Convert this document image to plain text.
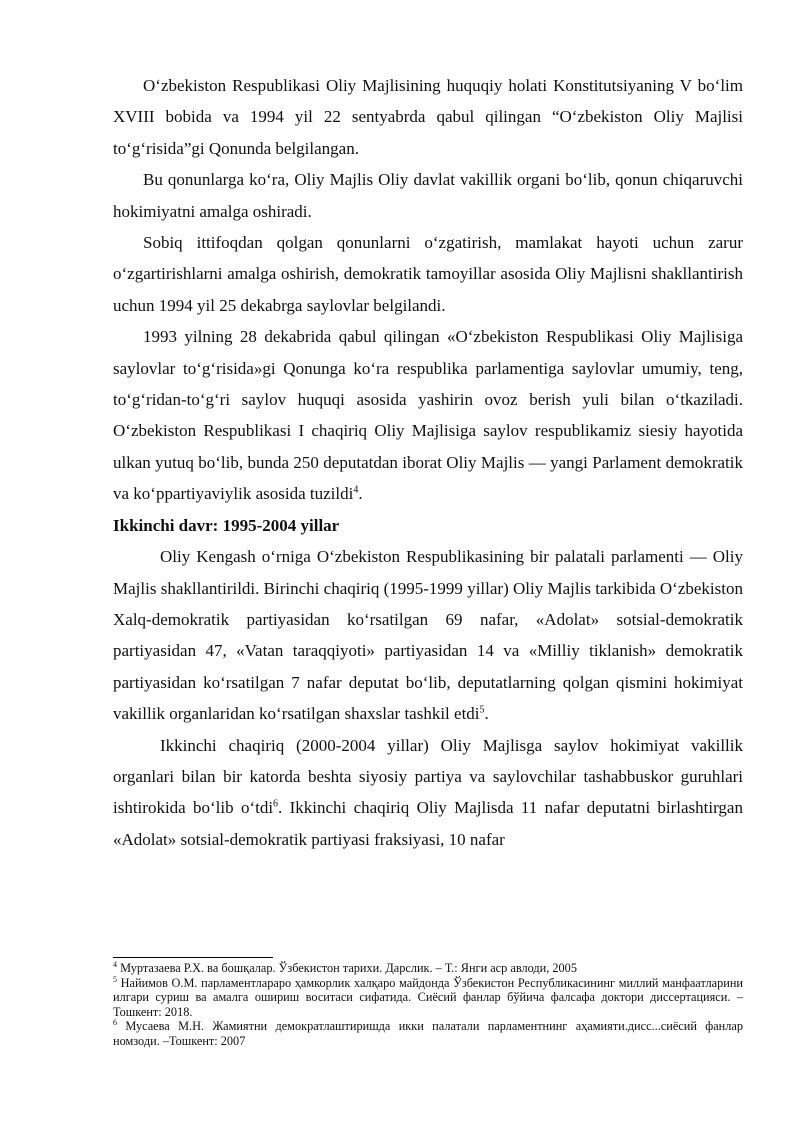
O‘zbekiston Respublikasi Oliy Majlisining huquqiy holati Konstitutsiyaning V bo‘lim XVIII bobida va 1994 yil 22 sentyabrda qabul qilingan “O‘zbekiston Oliy Majlisi to‘g‘risida”gi Qonunda belgilangan.

Bu qonunlarga ko‘ra, Oliy Majlis Oliy davlat vakillik organi bo‘lib, qonun chiqaruvchi hokimiyatni amalga oshiradi.

Sobiq ittifoqdan qolgan qonunlarni o‘zgatirish, mamlakat hayoti uchun zarur o‘zgartirishlarni amalga oshirish, demokratik tamoyillar asosida Oliy Majlisni shakllantirish uchun 1994 yil 25 dekabrga saylovlar belgilandi.

1993 yilning 28 dekabrida qabul qilingan «O‘zbekiston Respublikasi Oliy Majlisiga saylovlar to‘g‘risida»gi Qonunga ko‘ra respublika parlamentiga saylovlar umumiy, teng, to‘g‘ridan-to‘g‘ri saylov huquqi asosida yashirin ovoz berish yuli bilan o‘tkaziladi. O‘zbekiston Respublikasi I chaqiriq Oliy Majlisiga saylov respublikamiz siesiy hayotida ulkan yutuq bo‘lib, bunda 250 deputatdan iborat Oliy Majlis — yangi Parlament demokratik va ko‘ppartiyaviylik asosida tuzildi$^4$.

Ikkinchi davr: 1995-2004 yillar

Oliy Kengash o‘rniga O‘zbekiston Respublikasining bir palatali parlamenti — Oliy Majlis shakllantirildi. Birinchi chaqiriq (1995-1999 yillar) Oliy Majlis tarkibida O‘zbekiston Xalq-demokratik partiyasidan ko‘rsatilgan 69 nafar, «Adolat» sotsial-demokratik partiyasidan 47, «Vatan taraqqiyoti» partiyasidan 14 va «Milliy tiklanish» demokratik partiyasidan ko‘rsatilgan 7 nafar deputat bo‘lib, deputatlarning qolgan qismini hokimiyat vakillik organlaridan ko‘rsatilgan shaxslar tashkil etdi$^5$.

Ikkinchi chaqiriq (2000-2004 yillar) Oliy Majlisga saylov hokimiyat vakillik organlari bilan bir katorda beshta siyosiy partiya va saylovchilar tashabbuskor guruhlari ishtirokida bo‘lib o‘tdi$^6$. Ikkinchi chaqiriq Oliy Majlisda 11 nafar deputatni birlashtirgan «Adolat» sotsial-demokratik partiyasi fraksiyasi, 10 nafar

$^4$ Муртазаева Р.Х. ва бошқалар. Ўзбекистон тарихи. Дарслик. – Т.: Янги аср авлоди, 2005

$^5$ Найимов О.М. парламентлараро ҳамкорлик халқаро майдонда Ўзбекистон Республикасининг миллий манфаатларини илгари суриш ва амалга ошириш воситаси сифатида. Сиёсий фанлар бўйича фалсафа доктори диссертацияси. –Тошкент: 2018.

$^6$ Мусаева М.Н. Жамиятни демократлаштиришда икки палатали парламентнинг аҳамияти.дисс...сиёсий фанлар номзоди. –Тошкент: 2007
